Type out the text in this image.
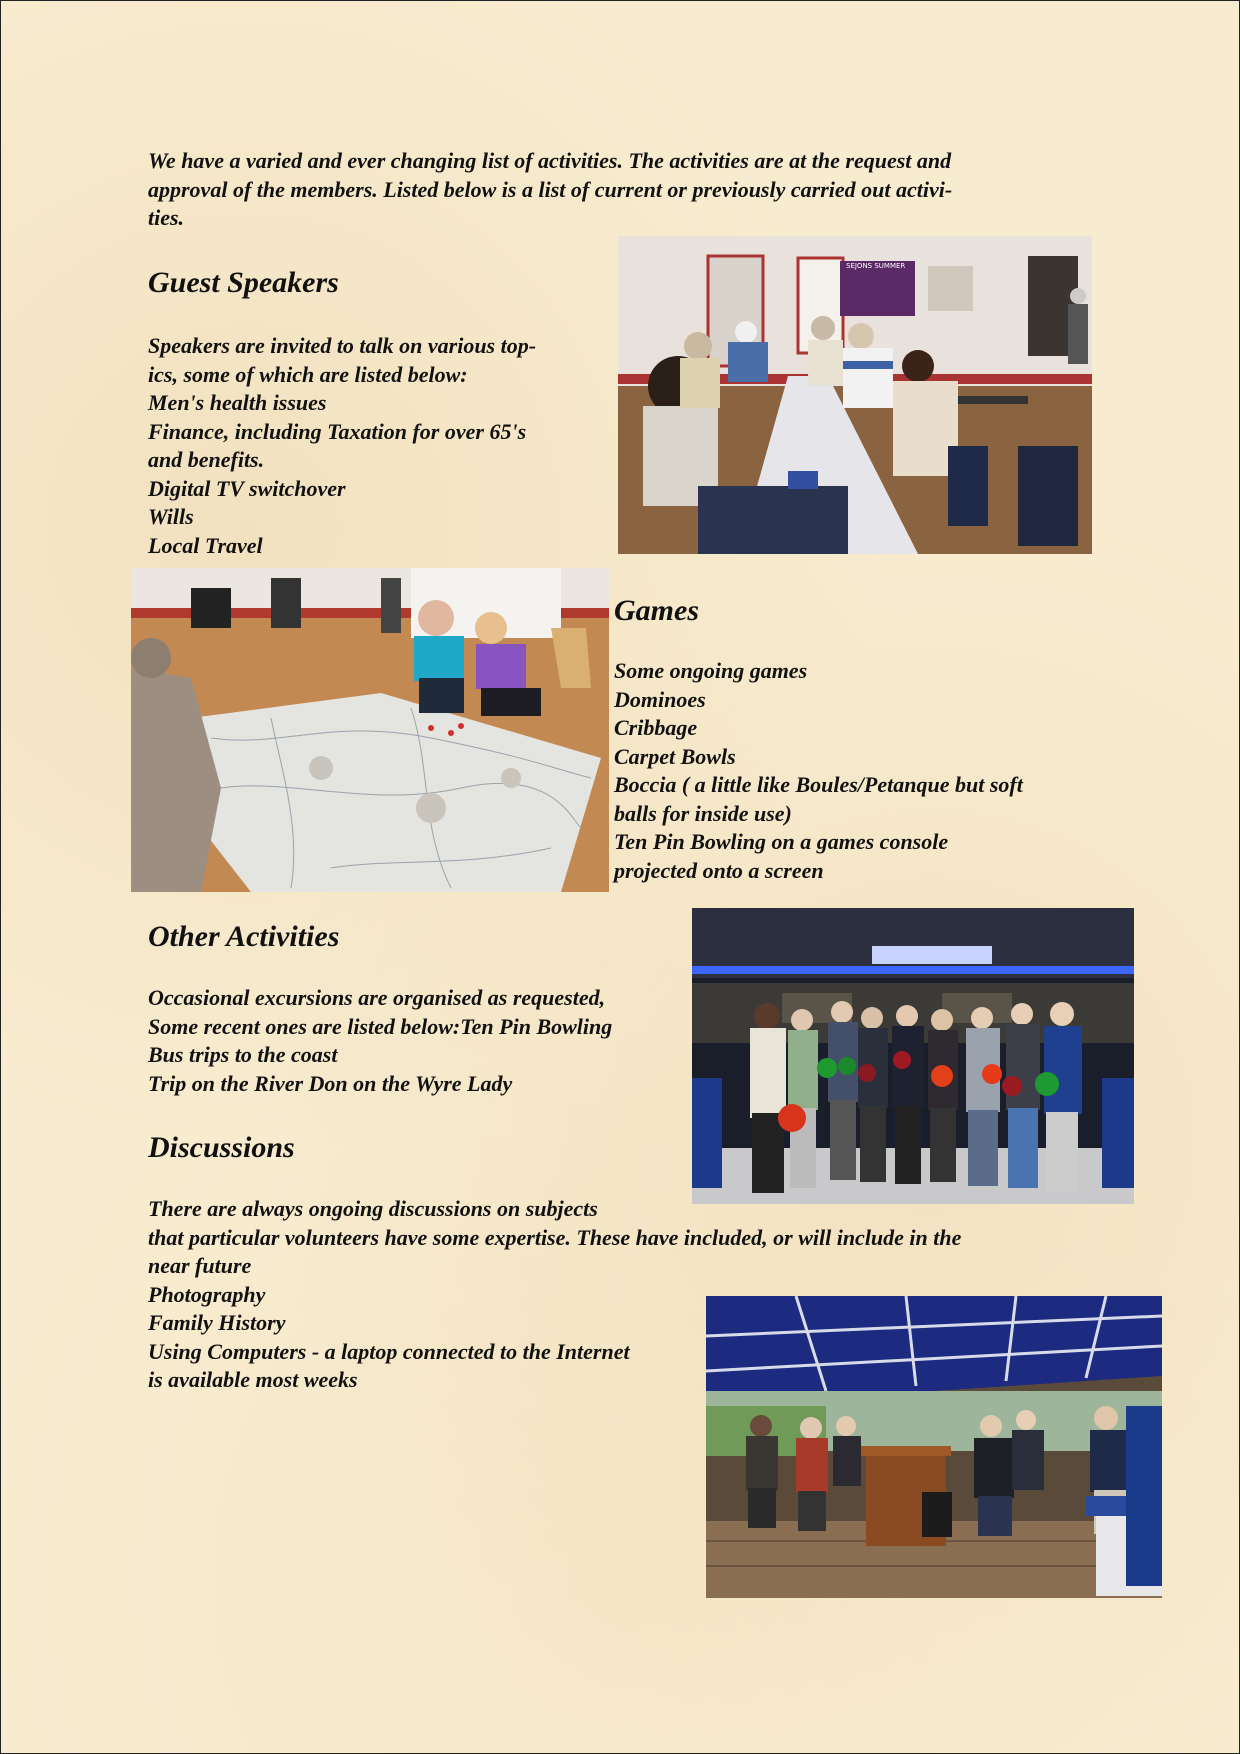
We have a varied and ever changing list of activities. The activities are at the request and
approval of the members. Listed below is a list of current or previously carried out activi-
ties.
Guest Speakers
Speakers are invited to talk on various top-
ics, some of which are listed below:
Men's health issues
Finance, including Taxation for over 65's
and benefits.
Digital TV switchover
Wills
Local Travel
SEJONS SUMMER
Games
Some ongoing games
Dominoes
Cribbage
Carpet Bowls
Boccia ( a little like Boules/Petanque but soft
balls for inside use)
Ten Pin Bowling on a games console
projected onto a screen
Other Activities
Occasional excursions are organised as requested,
Some recent ones are listed below:Ten Pin Bowling
Bus trips to the coast
Trip on the River Don on the Wyre Lady
Discussions
There are always ongoing discussions on subjects
that particular volunteers have some expertise. These have included, or will include in the
near future
Photography
Family History
Using Computers - a laptop connected to the Internet
is available most weeks
